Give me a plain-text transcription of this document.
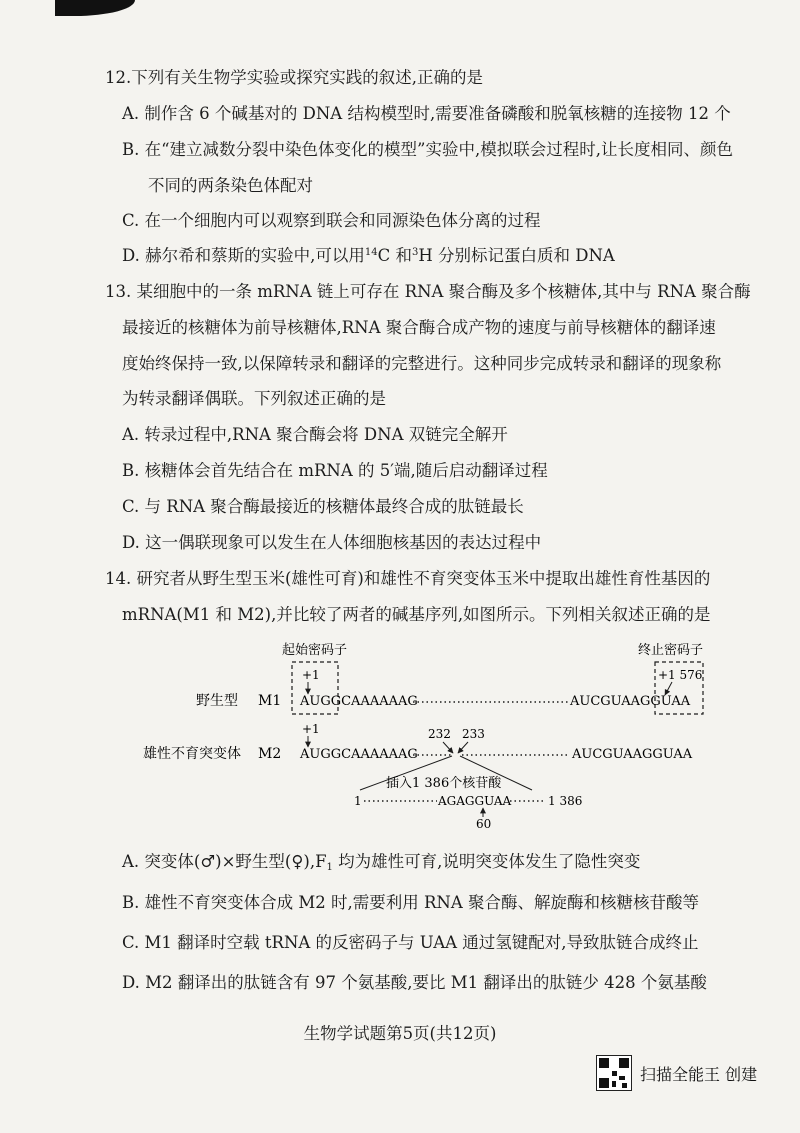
12.下列有关生物学实验或探究实践的叙述,正确的是
A. 制作含 6 个碱基对的 DNA 结构模型时,需要准备磷酸和脱氧核糖的连接物 12 个
B. 在“建立减数分裂中染色体变化的模型”实验中,模拟联会过程时,让长度相同、颜色
不同的两条染色体配对
C. 在一个细胞内可以观察到联会和同源染色体分离的过程
D. 赫尔希和蔡斯的实验中,可以用$^{14}$C 和$^3$H 分别标记蛋白质和 DNA
13. 某细胞中的一条 mRNA 链上可存在 RNA 聚合酶及多个核糖体,其中与 RNA 聚合酶
最接近的核糖体为前导核糖体,RNA 聚合酶合成产物的速度与前导核糖体的翻译速
度始终保持一致,以保障转录和翻译的完整进行。这种同步完成转录和翻译的现象称
为转录翻译偶联。下列叙述正确的是
A. 转录过程中,RNA 聚合酶会将 DNA 双链完全解开
B. 核糖体会首先结合在 mRNA 的 5′端,随后启动翻译过程
C. 与 RNA 聚合酶最接近的核糖体最终合成的肽链最长
D. 这一偶联现象可以发生在人体细胞核基因的表达过程中
14. 研究者从野生型玉米(雄性可育)和雄性不育突变体玉米中提取出雄性育性基因的
mRNA(M1 和 M2),并比较了两者的碱基序列,如图所示。下列相关叙述正确的是
起始密码子	终止密码子
+1	+1 576
野生型 M1 AUGGCAAAAAAG	AUCGUAAGGUAA
232 233
+1
雄性不育突变体 M2 AUGGCAAAAAAG	AUCGUAAGGUAA
插入1 386个核苷酸
1	AGAGGUAA	1 386
60
A. 突变体(♂)×野生型$(♀),F_1$ 均为雄性可育,说明突变体发生了隐性突变
B. 雄性不育突变体合成 M2 时,需要利用 RNA 聚合酶、解旋酶和核糖核苷酸等
C. M1 翻译时空载 tRNA 的反密码子与 UAA 通过氢键配对,导致肽链合成终止
D. M2 翻译出的肽链含有 97 个氨基酸,要比 M1 翻译出的肽链少 428 个氨基酸
生物学试题第5页(共12页)
扫描全能王 创建
